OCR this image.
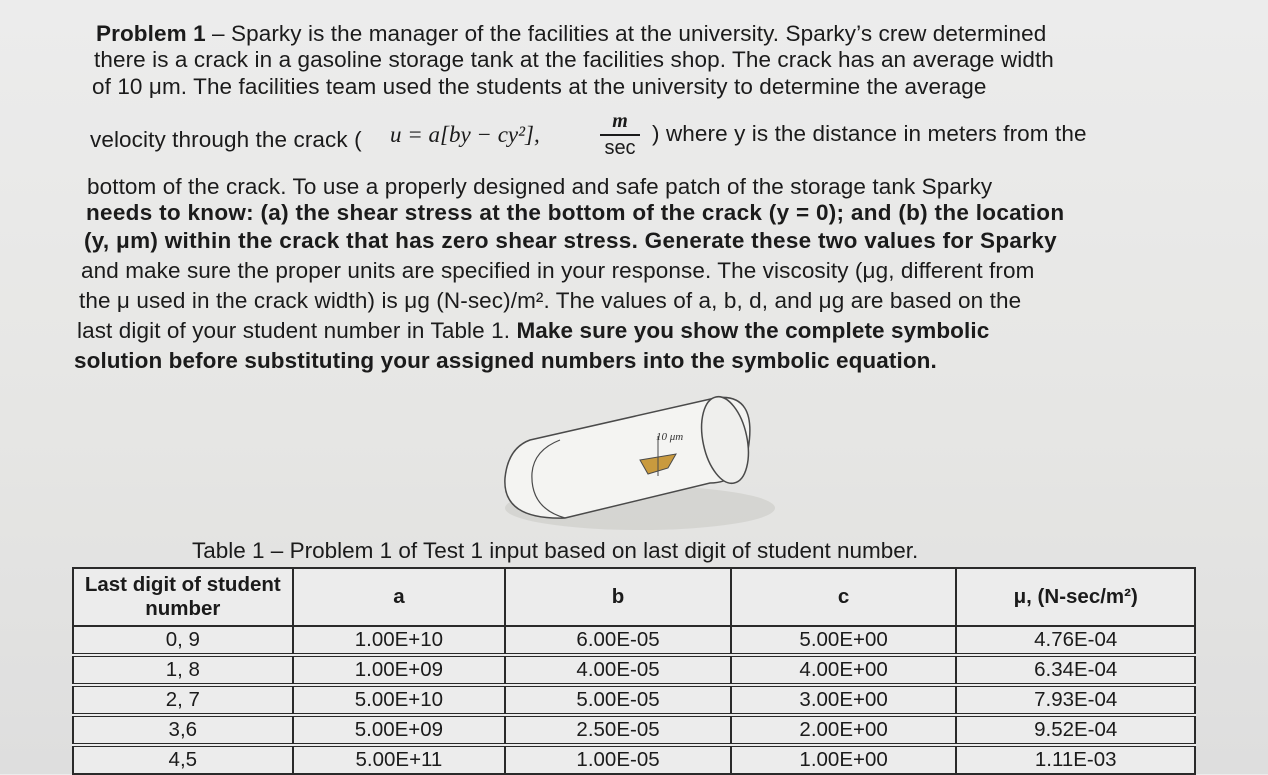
Problem 1 – Sparky is the manager of the facilities at the university. Sparky’s crew determined
there is a crack in a gasoline storage tank at the facilities shop. The crack has an average width
of 10 μm. The facilities team used the students at the university to determine the average
velocity through the crack ( u = a[by − cy²],
m
sec
) where y is the distance in meters from the
bottom of the crack. To use a properly designed and safe patch of the storage tank Sparky
needs to know: (a) the shear stress at the bottom of the crack (y = 0); and (b) the location
(y, μm) within the crack that has zero shear stress. Generate these two values for Sparky
and make sure the proper units are specified in your response. The viscosity (μg, different from
the μ used in the crack width) is μg (N-sec)/m². The values of a, b, d, and μg are based on the
last digit of your student number in Table 1. Make sure you show the complete symbolic
solution before substituting your assigned numbers into the symbolic equation.
10 μm
Table 1 – Problem 1 of Test 1 input based on last digit of student number.
Last digit of student number	a	b	c	μ, (N-sec/m²)
0, 9	1.00E+10	6.00E-05	5.00E+00	4.76E-04
1, 8	1.00E+09	4.00E-05	4.00E+00	6.34E-04
2, 7	5.00E+10	5.00E-05	3.00E+00	7.93E-04
3,6	5.00E+09	2.50E-05	2.00E+00	9.52E-04
4,5	5.00E+11	1.00E-05	1.00E+00	1.11E-03
